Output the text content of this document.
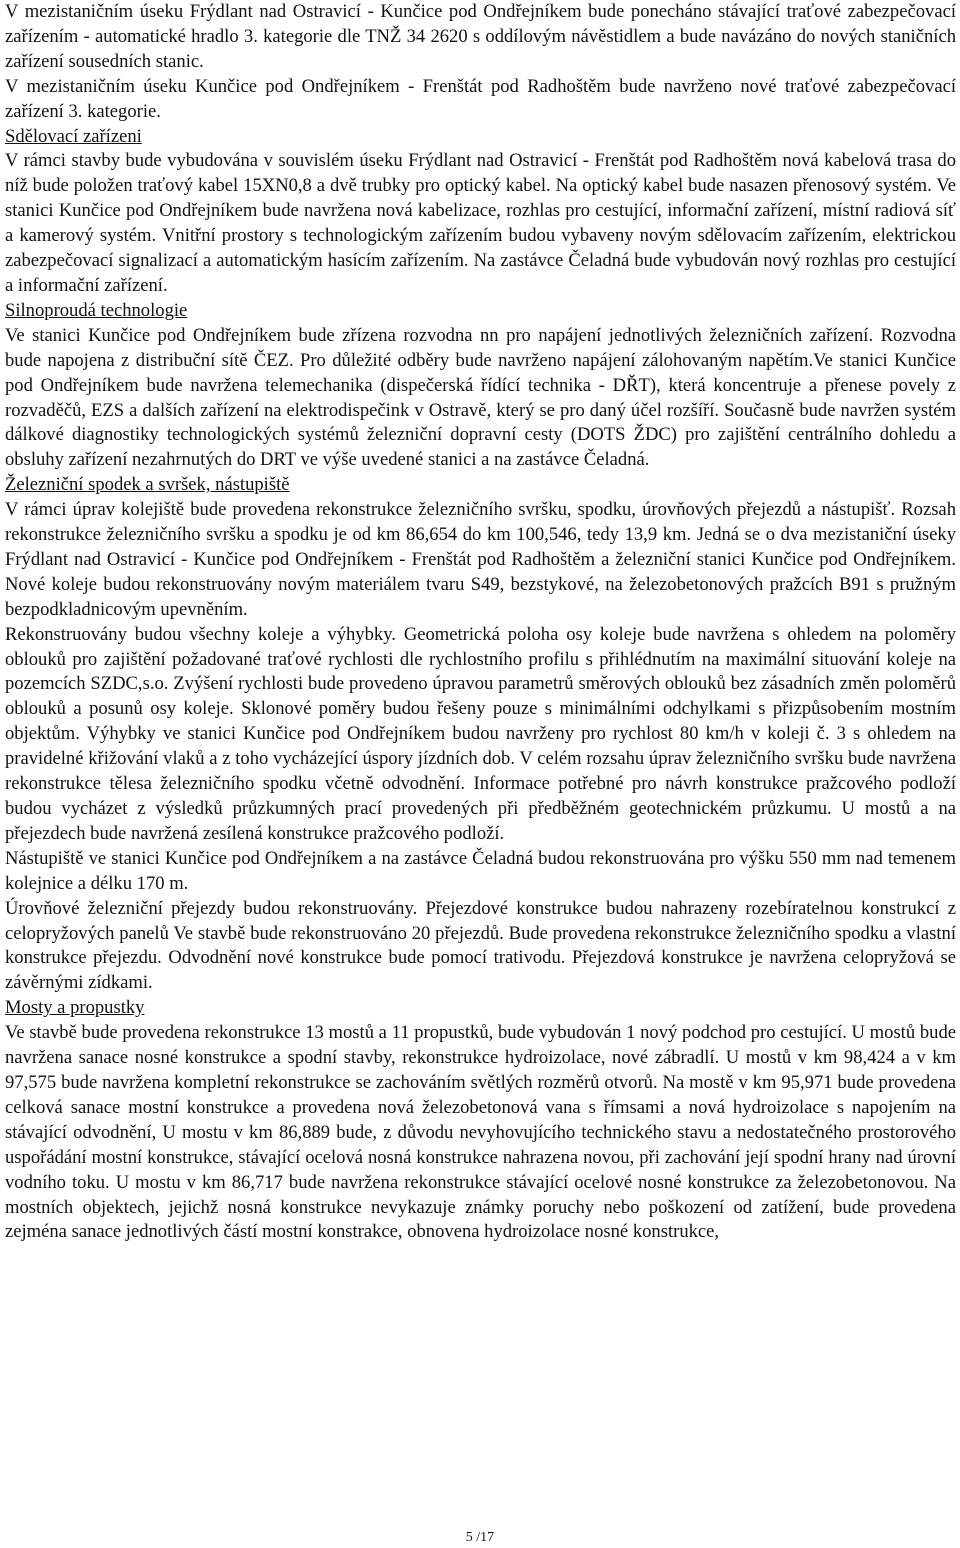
V mezistaničním úseku Frýdlant nad Ostravicí - Kunčice pod Ondřejníkem bude ponecháno stávající traťové zabezpečovací zařízením - automatické hradlo 3. kategorie dle TNŽ 34 2620 s oddílovým návěstidlem a bude navázáno do nových staničních zařízení sousedních stanic.

V mezistaničním úseku Kunčice pod Ondřejníkem - Frenštát pod Radhoštěm bude navrženo nové traťové zabezpečovací zařízení 3. kategorie.

Sdělovací zařízeni

V rámci stavby bude vybudována v souvislém úseku Frýdlant nad Ostravicí - Frenštát pod Radhoštěm nová kabelová trasa do níž bude položen traťový kabel 15XN0,8 a dvě trubky pro optický kabel. Na optický kabel bude nasazen přenosový systém. Ve stanici Kunčice pod Ondřejníkem bude navržena nová kabelizace, rozhlas pro cestující, informační zařízení, místní radiová síť a kamerový systém. Vnitřní prostory s technologickým zařízením budou vybaveny novým sdělovacím zařízením, elektrickou zabezpečovací signalizací a automatickým hasícím zařízením. Na zastávce Čeladná bude vybudován nový rozhlas pro cestující a informační zařízení.

Silnoproudá technologie

Ve stanici Kunčice pod Ondřejníkem bude zřízena rozvodna nn pro napájení jednotlivých železničních zařízení. Rozvodna bude napojena z distribuční sítě ČEZ. Pro důležité odběry bude navrženo napájení zálohovaným napětím.Ve stanici Kunčice pod Ondřejníkem bude navržena telemechanika (dispečerská řídící technika - DŘT), která koncentruje a přenese povely z rozvaděčů, EZS a dalších zařízení na elektrodispečink v Ostravě, který se pro daný účel rozšíří. Současně bude navržen systém dálkové diagnostiky technologických systémů železniční dopravní cesty (DOTS ŽDC) pro zajištění centrálního dohledu a obsluhy zařízení nezahrnutých do DRT ve výše uvedené stanici a na zastávce Čeladná.

Železniční spodek a svršek, nástupiště

V rámci úprav kolejiště bude provedena rekonstrukce železničního svršku, spodku, úrovňových přejezdů a nástupišť. Rozsah rekonstrukce železničního svršku a spodku je od km 86,654 do km 100,546, tedy 13,9 km. Jedná se o dva mezistaniční úseky Frýdlant nad Ostravicí - Kunčice pod Ondřejníkem - Frenštát pod Radhoštěm a železniční stanici Kunčice pod Ondřejníkem. Nové koleje budou rekonstruovány novým materiálem tvaru S49, bezstykové, na železobetonových pražcích B91 s pružným bezpodkladnicovým upevněním.

Rekonstruovány budou všechny koleje a výhybky. Geometrická poloha osy koleje bude navržena s ohledem na poloměry oblouků pro zajištění požadované traťové rychlosti dle rychlostního profilu s přihlédnutím na maximální situování koleje na pozemcích SZDC,s.o. Zvýšení rychlosti bude provedeno úpravou parametrů směrových oblouků bez zásadních změn poloměrů oblouků a posunů osy koleje. Sklonové poměry budou řešeny pouze s minimálními odchylkami s přizpůsobením mostním objektům. Výhybky ve stanici Kunčice pod Ondřejníkem budou navrženy pro rychlost 80 km/h v koleji č. 3 s ohledem na pravidelné křižování vlaků a z toho vycházející úspory jízdních dob. V celém rozsahu úprav železničního svršku bude navržena rekonstrukce tělesa železničního spodku včetně odvodnění. Informace potřebné pro návrh konstrukce pražcového podloží budou vycházet z výsledků průzkumných prací provedených při předběžném geotechnickém průzkumu. U mostů a na přejezdech bude navržená zesílená konstrukce pražcového podloží.

Nástupiště ve stanici Kunčice pod Ondřejníkem a na zastávce Čeladná budou rekonstruována pro výšku 550 mm nad temenem kolejnice a délku 170 m.

Úrovňové železniční přejezdy budou rekonstruovány. Přejezdové konstrukce budou nahrazeny rozebíratelnou konstrukcí z celopryžových panelů Ve stavbě bude rekonstruováno 20 přejezdů. Bude provedena rekonstrukce železničního spodku a vlastní konstrukce přejezdu. Odvodnění nové konstrukce bude pomocí trativodu. Přejezdová konstrukce je navržena celopryžová se závěrnými zídkami.

Mosty a propustky

Ve stavbě bude provedena rekonstrukce 13 mostů a 11 propustků, bude vybudován 1 nový podchod pro cestující. U mostů bude navržena sanace nosné konstrukce a spodní stavby, rekonstrukce hydroizolace, nové zábradlí. U mostů v km 98,424 a v km 97,575 bude navržena kompletní rekonstrukce se zachováním světlých rozměrů otvorů. Na mostě v km 95,971 bude provedena celková sanace mostní konstrukce a provedena nová železobetonová vana s římsami a nová hydroizolace s napojením na stávající odvodnění, U mostu v km 86,889 bude, z důvodu nevyhovujícího technického stavu a nedostatečného prostorového uspořádání mostní konstrukce, stávající ocelová nosná konstrukce nahrazena novou, při zachování její spodní hrany nad úrovní vodního toku. U mostu v km 86,717 bude navržena rekonstrukce stávající ocelové nosné konstrukce za železobetonovou. Na mostních objektech, jejichž nosná konstrukce nevykazuje známky poruchy nebo poškození od zatížení, bude provedena zejména sanace jednotlivých částí mostní konstrakce, obnovena hydroizolace nosné konstrukce,

5 /17
